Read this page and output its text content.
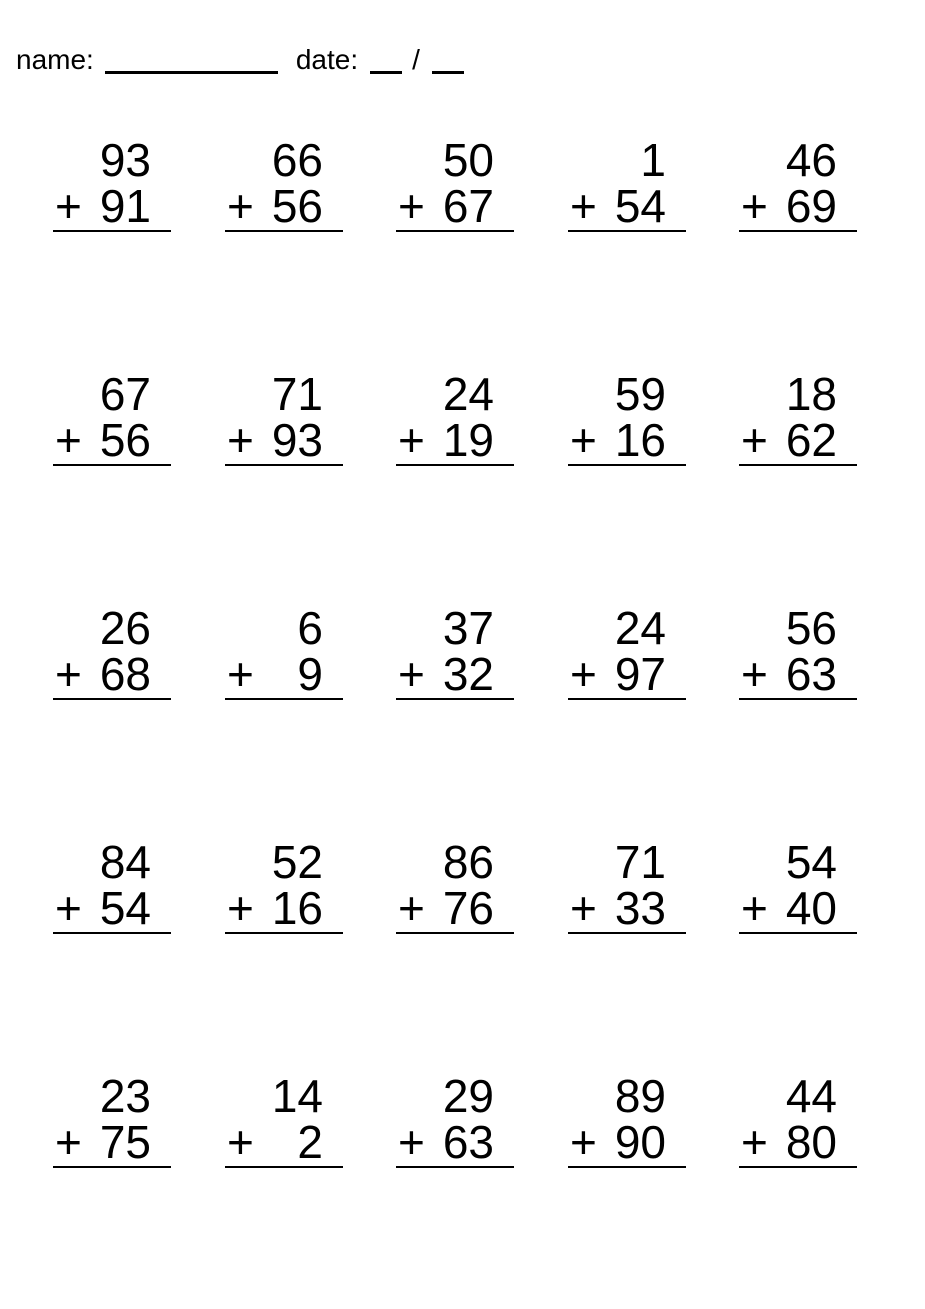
name:	date: /
93
+ 91
66
+ 56
50
+ 67
1
+ 54
46
+ 69
67
+ 56
71
+ 93
24
+ 19
59
+ 16
18
+ 62
26
+ 68
6
+ 9
37
+ 32
24
+ 97
56
+ 63
84
+ 54
52
+ 16
86
+ 76
71
+ 33
54
+ 40
23
+ 75
14
+ 2
29
+ 63
89
+ 90
44
+ 80
